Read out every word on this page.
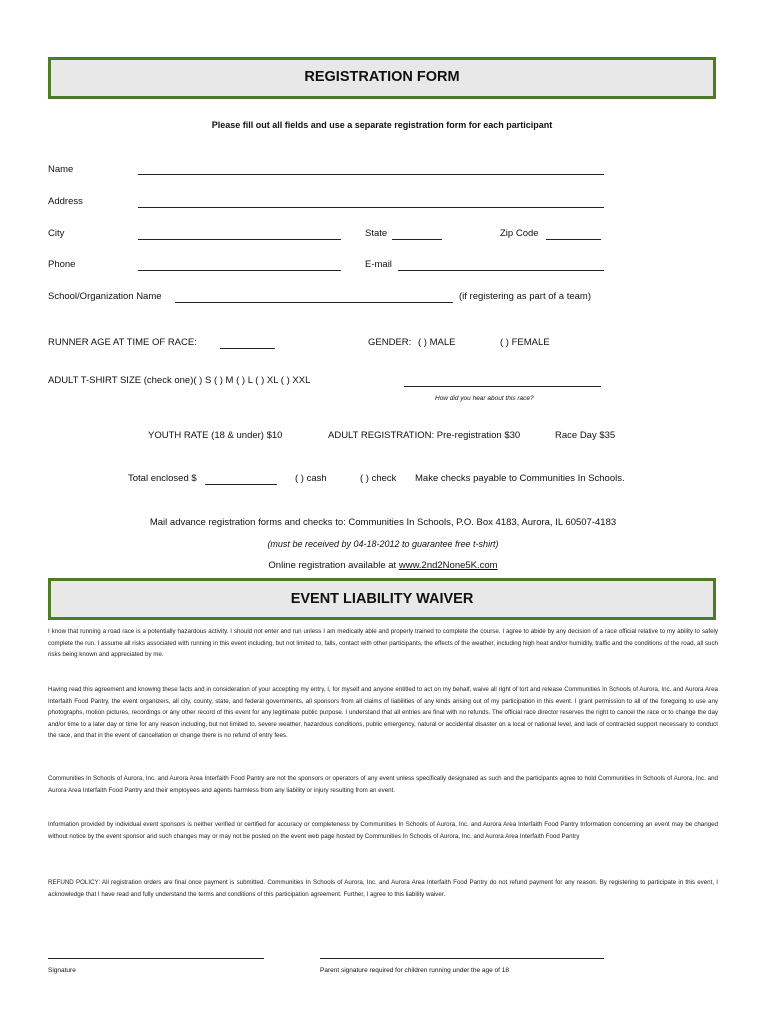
REGISTRATION FORM
Please fill out all fields and use a separate registration form for each participant
Name
Address
City	State	Zip Code
Phone	E-mail
School/Organization Name	(if registering as part of a team)
RUNNER AGE AT TIME OF RACE:	GENDER: ( ) MALE	( ) FEMALE
ADULT T-SHIRT SIZE (check one)( ) S ( ) M ( ) L ( ) XL ( ) XXL
How did you hear about this race?
YOUTH RATE (18 & under) $10	ADULT REGISTRATION: Pre-registration $30	Race Day $35
Total enclosed $	( ) cash	( ) check Make checks payable to Communities In Schools.
Mail advance registration forms and checks to: Communities In Schools, P.O. Box 4183, Aurora, IL 60507-4183
(must be received by 04-18-2012 to guarantee free t-shirt)
Online registration available at www.2nd2None5K.com
EVENT LIABILITY WAIVER
I know that running a road race is a potentially hazardous activity. I should not enter and run unless I am medically able and properly trained to complete the course. I agree to abide by any decision of a race official relative to my ability to safely complete the run. I assume all risks associated with running in this event including, but not limited to, falls, contact with other participants, the effects of the weather, including high heat and/or humidity, traffic and the conditions of the road, all such risks being known and appreciated by me.
Having read this agreement and knowing these facts and in consideration of your accepting my entry, I, for myself and anyone entitled to act on my behalf, waive all right of tort and release Communities In Schools of Aurora, Inc. and Aurora Area Interfaith Food Pantry, the event organizers, all city, county, state, and federal governments, all sponsors from all claims of liabilities of any kinds arising out of my participation in this event. I grant permission to all of the foregoing to use any photographs, motion pictures, recordings or any other record of this event for any legitimate public purpose. I understand that all entries are final with no refunds. The official race director reserves the right to cancel the race or to change the day and/or time to a later day or time for any reason including, but not limited to, severe weather, hazardous conditions, public emergency, natural or accidental disaster on a local or national level, and lack of contracted support necessary to conduct the race, and that in the event of cancellation or change there is no refund of entry fees.
Communities In Schools of Aurora, Inc. and Aurora Area Interfaith Food Pantry are not the sponsors or operators of any event unless specifically designated as such and the participants agree to hold Communities In Schools of Aurora, Inc. and Aurora Area Interfaith Food Pantry and their employees and agents harmless from any liability or injury resulting from an event.
Information provided by individual event sponsors is neither verified or certified for accuracy or completeness by Communities In Schools of Aurora, Inc. and Aurora Area Interfaith Food Pantry Information concerning an event may be changed without notice by the event sponsor and such changes may or may not be posted on the event web page hosted by Communities In Schools of Aurora, Inc. and Aurora Area Interfaith Food Pantry
REFUND POLICY: All registration orders are final once payment is submitted. Communities In Schools of Aurora, Inc. and Aurora Area Interfaith Food Pantry do not refund payment for any reason. By registering to participate in this event, I acknowledge that I have read and fully understand the terms and conditions of this participation agreement. Further, I agree to this liability waiver.
Signature	Parent signature required for children running under the age of 18
